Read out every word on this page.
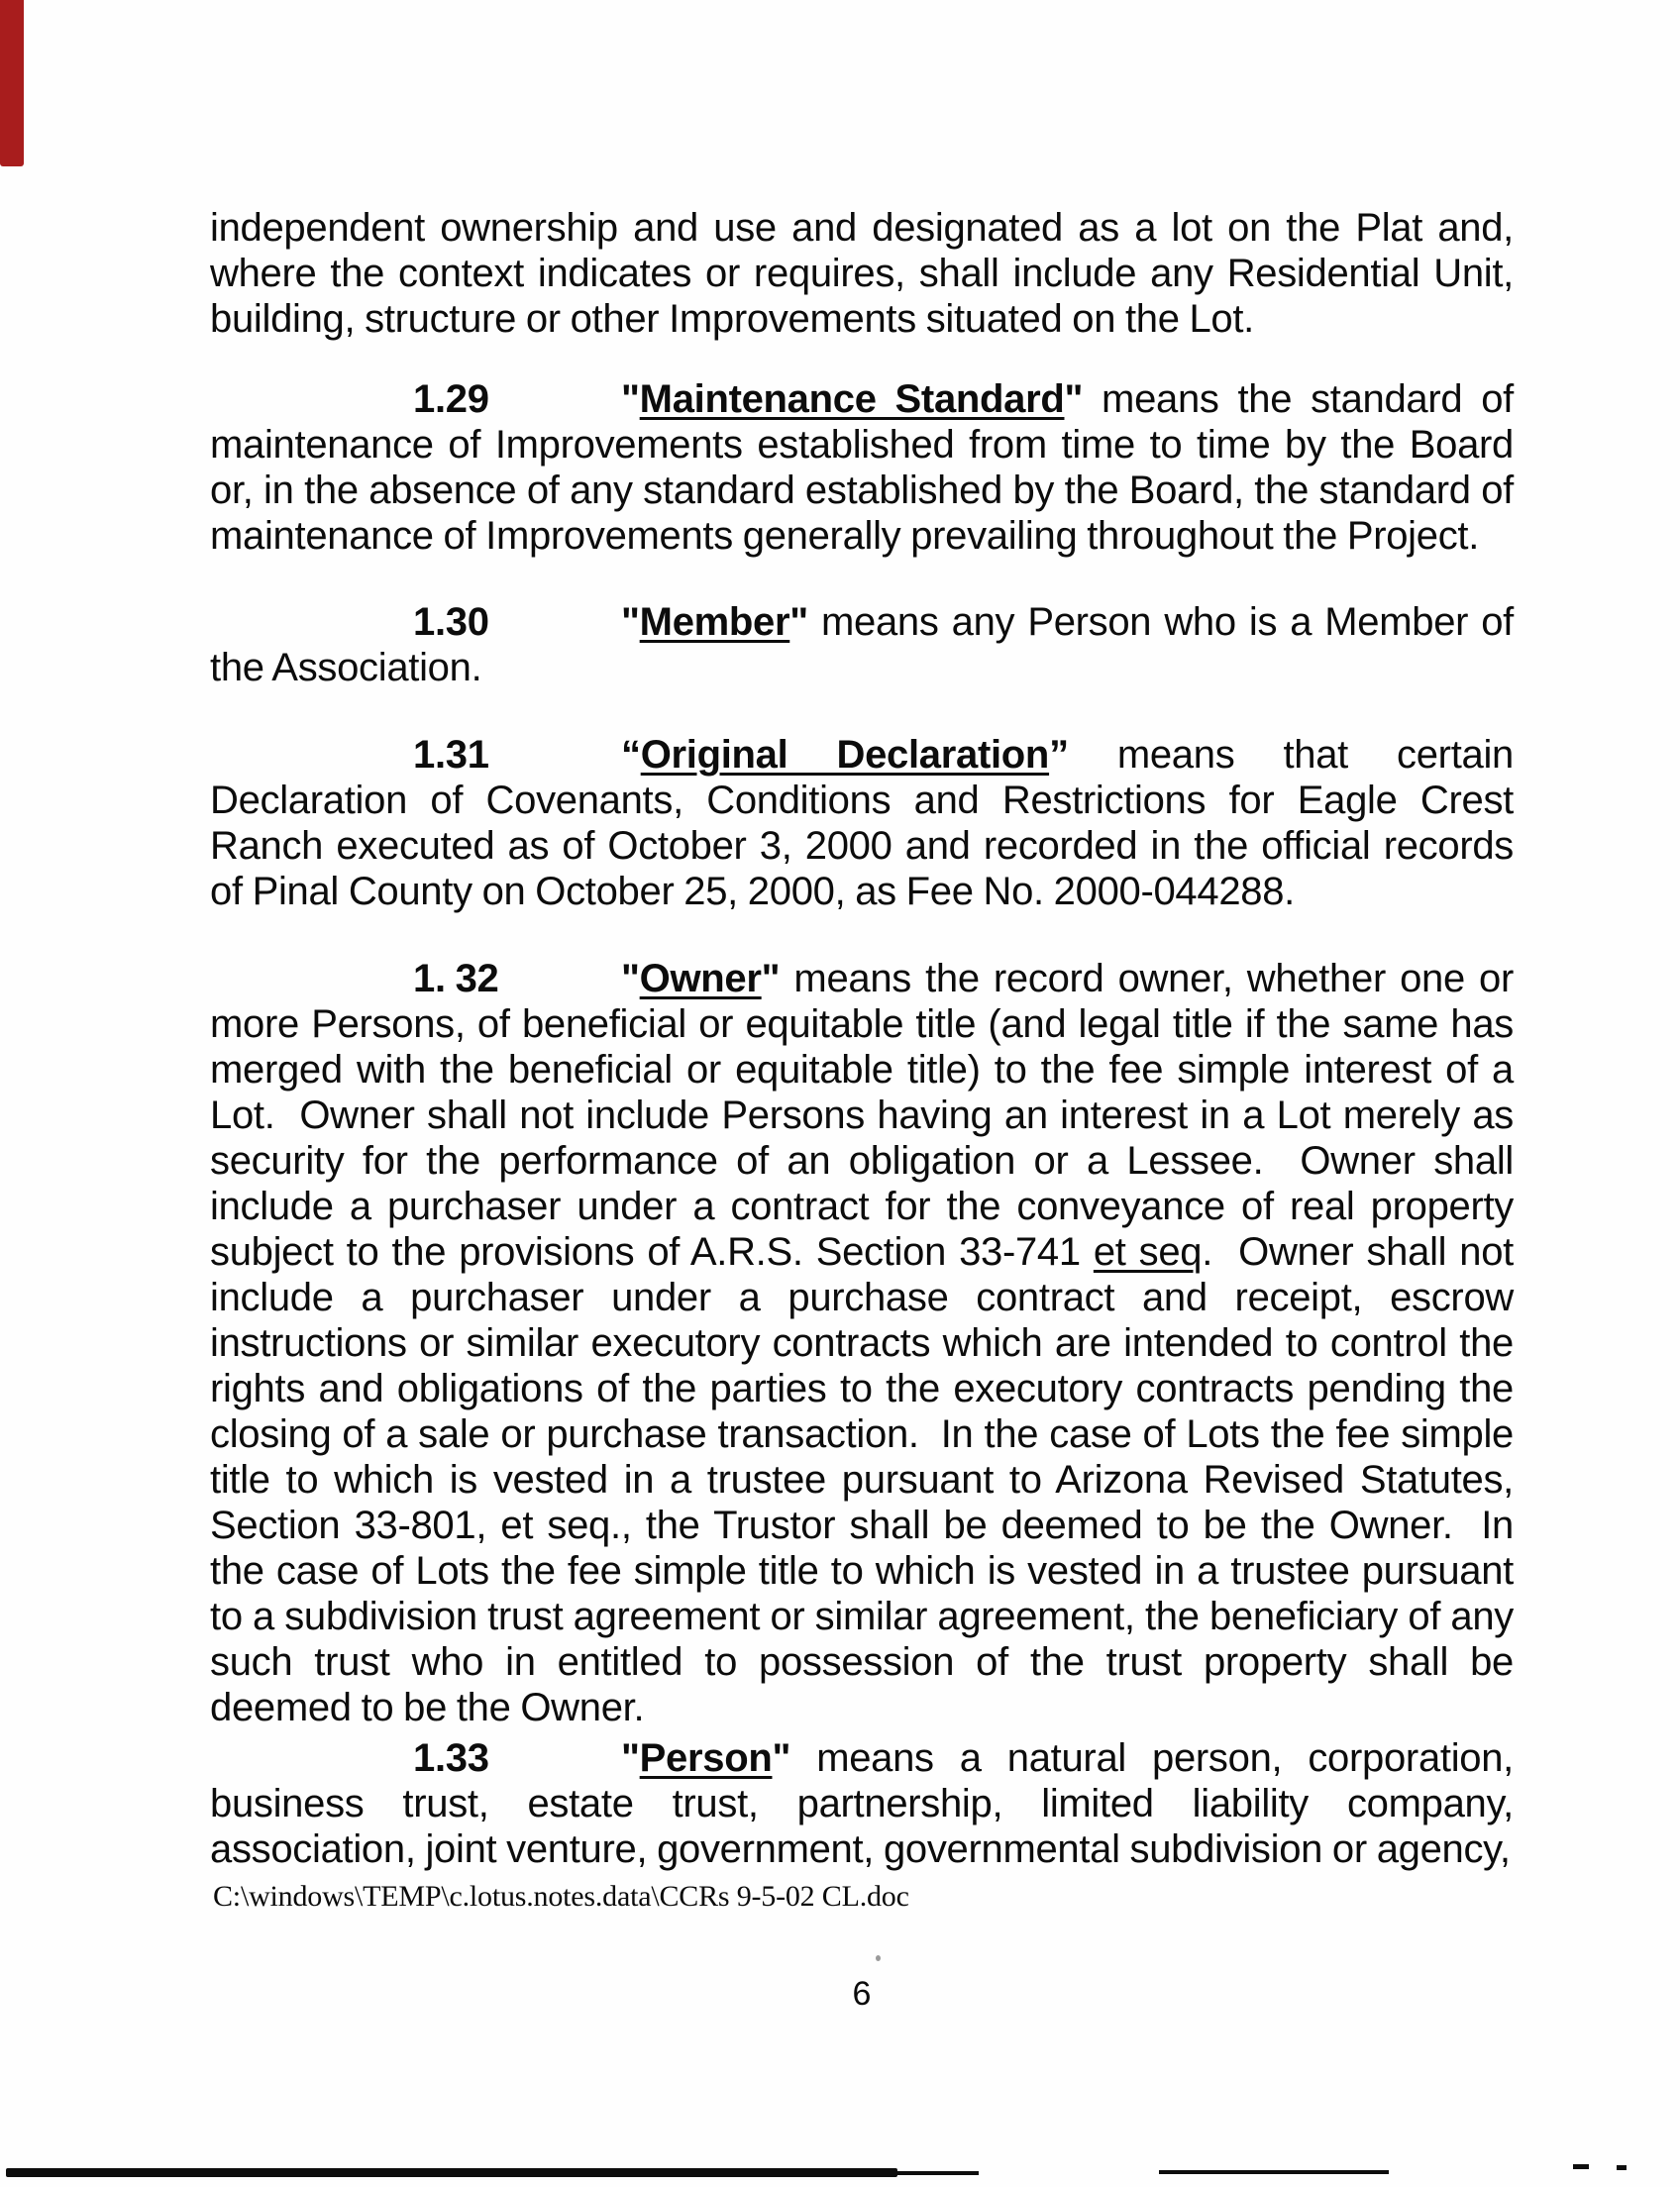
independent ownership and use and designated as a lot on the Plat and, where the context indicates or requires, shall include any Residential Unit, building, structure or other Improvements situated on the Lot.

1.29	"Maintenance Standard" means the standard of maintenance of Improvements established from time to time by the Board or, in the absence of any standard established by the Board, the standard of maintenance of Improvements generally prevailing throughout the Project.

1.30	"Member" means any Person who is a Member of the Association.

1.31	“Original Declaration” means that certain Declaration of Covenants, Conditions and Restrictions for Eagle Crest Ranch executed as of October 3, 2000 and recorded in the official records of Pinal County on October 25, 2000, as Fee No. 2000-044288.

1. 32	"Owner" means the record owner, whether one or more Persons, of beneficial or equitable title (and legal title if the same has merged with the beneficial or equitable title) to the fee simple interest of a Lot.  Owner shall not include Persons having an interest in a Lot merely as security for the performance of an obligation or a Lessee.  Owner shall include a purchaser under a contract for the conveyance of real property subject to the provisions of A.R.S. Section 33-741 et seq.  Owner shall not include a purchaser under a purchase contract and receipt, escrow instructions or similar executory contracts which are intended to control the rights and obligations of the parties to the executory contracts pending the closing of a sale or purchase transaction.  In the case of Lots the fee simple title to which is vested in a trustee pursuant to Arizona Revised Statutes, Section 33-801, et seq., the Trustor shall be deemed to be the Owner.  In the case of Lots the fee simple title to which is vested in a trustee pursuant to a subdivision trust agreement or similar agreement, the beneficiary of any such trust who in entitled to possession of the trust property shall be deemed to be the Owner.

1.33	"Person" means a natural person, corporation, business trust, estate trust, partnership, limited liability company, association, joint venture, government, governmental subdivision or agency,

C:\windows\TEMP\c.lotus.notes.data\CCRs 9-5-02 CL.doc

6
